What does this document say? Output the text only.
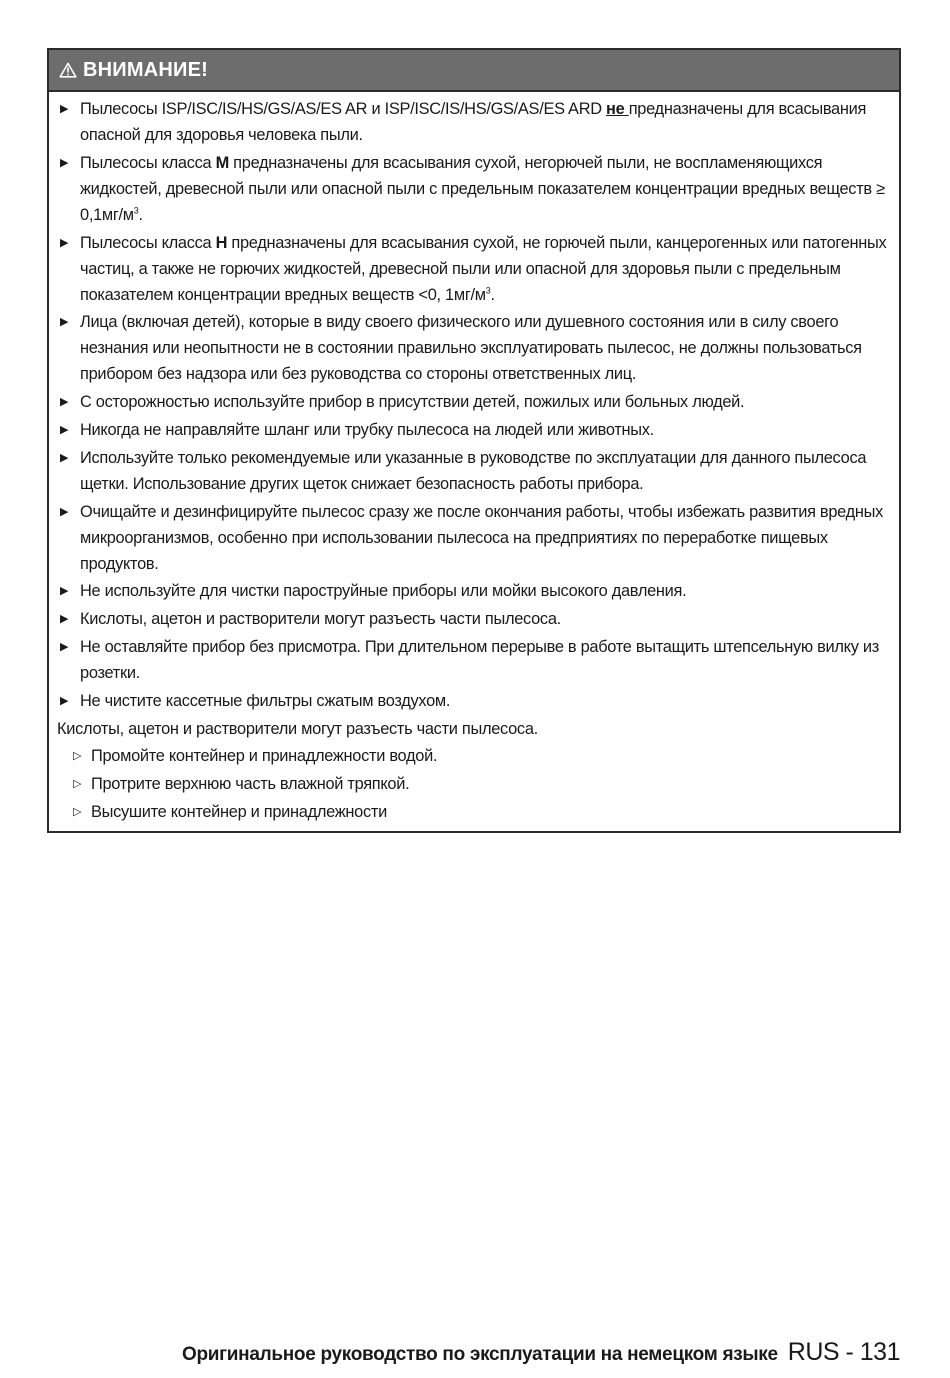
ВНИМАНИЕ!
▶ Пылесосы ISP/ISC/IS/HS/GS/AS/ES AR и ISP/ISC/IS/HS/GS/AS/ES ARD не предназначены для всасывания опасной для здоровья человека пыли.
▶ Пылесосы класса M предназначены для всасывания сухой, негорючей пыли, не воспламеняющихся жидкостей, древесной пыли или опасной пыли с предельным показателем концентрации вредных веществ ≥ $0,1мг/м^3$.
▶ Пылесосы класса H предназначены для всасывания сухой, не горючей пыли, канцерогенных или патогенных частиц, а также не горючих жидкостей, древесной пыли или опасной для здоровья пыли с предельным показателем концентрации вредных веществ <0, $1мг/м^3$.
▶ Лица (включая детей), которые в виду своего физического или душевного состояния или в силу своего незнания или неопытности не в состоянии правильно эксплуатировать пылесос, не должны пользоваться прибором без надзора или без руководства со стороны ответственных лиц.
▶ С осторожностью используйте прибор в присутствии детей, пожилых или больных людей.
▶ Никогда не направляйте шланг или трубку пылесоса на людей или животных.
▶ Используйте только рекомендуемые или указанные в руководстве по эксплуатации для данного пылесоса щетки. Использование других щеток снижает безопасность работы прибора.
▶ Очищайте и дезинфицируйте пылесос сразу же после окончания работы, чтобы избежать развития вредных микроорганизмов, особенно при использовании пылесоса на предприятиях по переработке пищевых продуктов.
▶ Не используйте для чистки пароструйные приборы или мойки высокого давления.
▶ Кислоты, ацетон и растворители могут разъесть части пылесоса.
▶ Не оставляйте прибор без присмотра. При длительном перерыве в работе вытащить штепсельную вилку из розетки.
▶ Не чистите кассетные фильтры сжатым воздухом.

Кислоты, ацетон и растворители могут разъесть части пылесоса.

▷ Промойте контейнер и принадлежности водой.
▷ Протрите верхнюю часть влажной тряпкой.
▷ Высушите контейнер и принадлежности
Оригинальное руководство по эксплуатации на немецком языке RUS - 131
